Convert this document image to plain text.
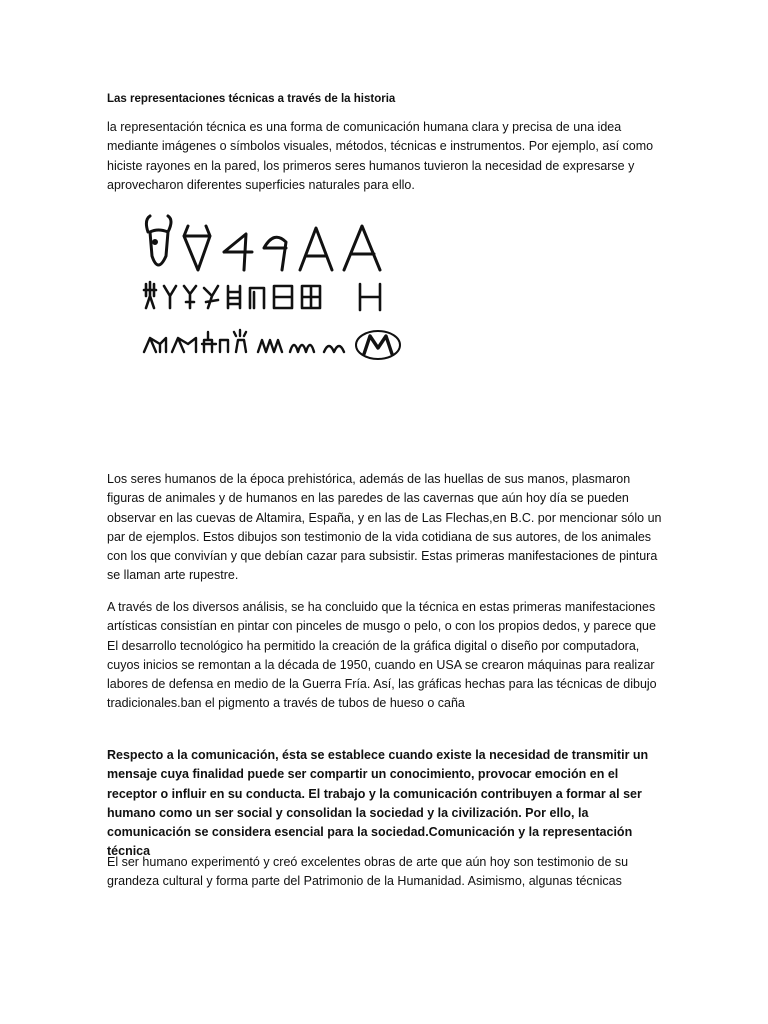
Las representaciones técnicas a través de la historia
la representación técnica es una forma de comunicación humana clara y precisa de una idea mediante imágenes o símbolos visuales, métodos, técnicas e instrumentos. Por ejemplo, así como hiciste rayones en la pared, los primeros seres humanos tuvieron la necesidad de expresarse y aprovecharon diferentes superficies naturales para ello.
Los seres humanos de la época prehistórica, además de las huellas de sus manos, plasmaron figuras de animales y de humanos en las paredes de las cavernas que aún hoy día se pueden observar en las cuevas de Altamira, España, y en las de Las Flechas,en B.C. por mencionar sólo un par de ejemplos. Estos dibujos son testimonio de la vida cotidiana de sus autores, de los animales con los que convivían y que debían cazar para subsistir. Estas primeras manifestaciones de pintura se llaman arte rupestre.
A través de los diversos análisis, se ha concluido que la técnica en estas primeras manifestaciones artísticas consistían en pintar con pinceles de musgo o pelo, o con los propios dedos, y parece que El desarrollo tecnológico ha permitido la creación de la gráfica digital o diseño por computadora, cuyos inicios se remontan a la década de 1950, cuando en USA se crearon máquinas para realizar labores de defensa en medio de la Guerra Fría. Así, las gráficas hechas para las técnicas de dibujo tradicionales.ban el pigmento a través de tubos de hueso o caña
Respecto a la comunicación, ésta se establece cuando existe la necesidad de transmitir un mensaje cuya finalidad puede ser compartir un conocimiento, provocar emoción en el receptor o influir en su conducta. El trabajo y la comunicación contribuyen a formar al ser humano como un ser social y consolidan la sociedad y la civilización. Por ello, la comunicación se considera esencial para la sociedad.Comunicación y la representación técnica
El ser humano experimentó y creó excelentes obras de arte que aún hoy son testimonio de su grandeza cultural y forma parte del Patrimonio de la Humanidad. Asimismo, algunas técnicas
